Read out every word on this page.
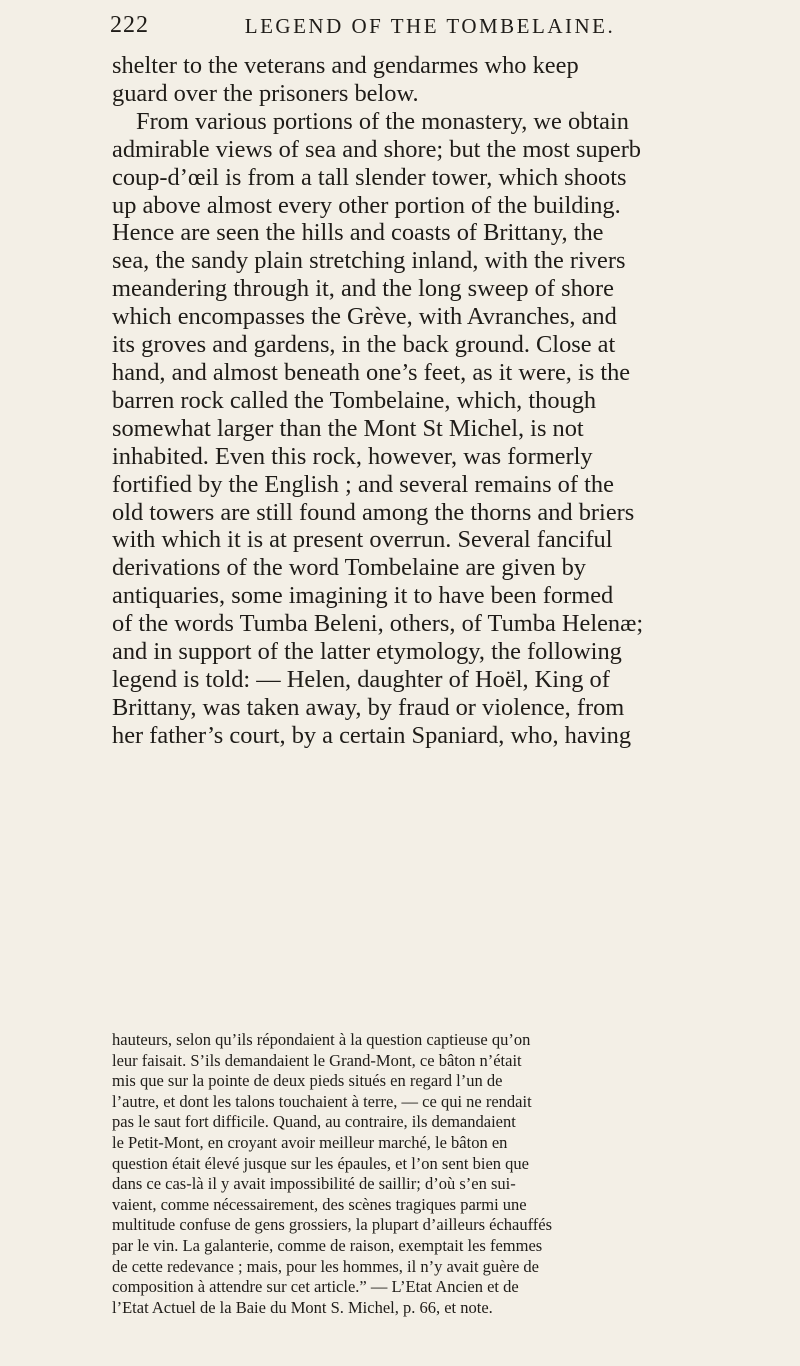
222	LEGEND OF THE TOMBELAINE.
shelter to the veterans and gendarmes who keep
guard over the prisoners below.
From various portions of the monastery, we obtain
admirable views of sea and shore; but the most superb
coup-d’œil is from a tall slender tower, which shoots
up above almost every other portion of the building.
Hence are seen the hills and coasts of Brittany, the
sea, the sandy plain stretching inland, with the rivers
meandering through it, and the long sweep of shore
which encompasses the Grève, with Avranches, and
its groves and gardens, in the back ground. Close at
hand, and almost beneath one’s feet, as it were, is the
barren rock called the Tombelaine, which, though
somewhat larger than the Mont St Michel, is not
inhabited. Even this rock, however, was formerly
fortified by the English ; and several remains of the
old towers are still found among the thorns and briers
with which it is at present overrun. Several fanciful
derivations of the word Tombelaine are given by
antiquaries, some imagining it to have been formed
of the words Tumba Beleni, others, of Tumba Helenæ;
and in support of the latter etymology, the following
legend is told: — Helen, daughter of Hoël, King of
Brittany, was taken away, by fraud or violence, from
her father’s court, by a certain Spaniard, who, having
hauteurs, selon qu’ils répondaient à la question captieuse qu’on
leur faisait. S’ils demandaient le Grand-Mont, ce bâton n’était
mis que sur la pointe de deux pieds situés en regard l’un de
l’autre, et dont les talons touchaient à terre, — ce qui ne rendait
pas le saut fort difficile. Quand, au contraire, ils demandaient
le Petit-Mont, en croyant avoir meilleur marché, le bâton en
question était élevé jusque sur les épaules, et l’on sent bien que
dans ce cas-là il y avait impossibilité de saillir; d’où s’en sui-
vaient, comme nécessairement, des scènes tragiques parmi une
multitude confuse de gens grossiers, la plupart d’ailleurs échauffés
par le vin. La galanterie, comme de raison, exemptait les femmes
de cette redevance ; mais, pour les hommes, il n’y avait guère de
composition à attendre sur cet article.” — L’Etat Ancien et de
l’Etat Actuel de la Baie du Mont S. Michel, p. 66, et note.
